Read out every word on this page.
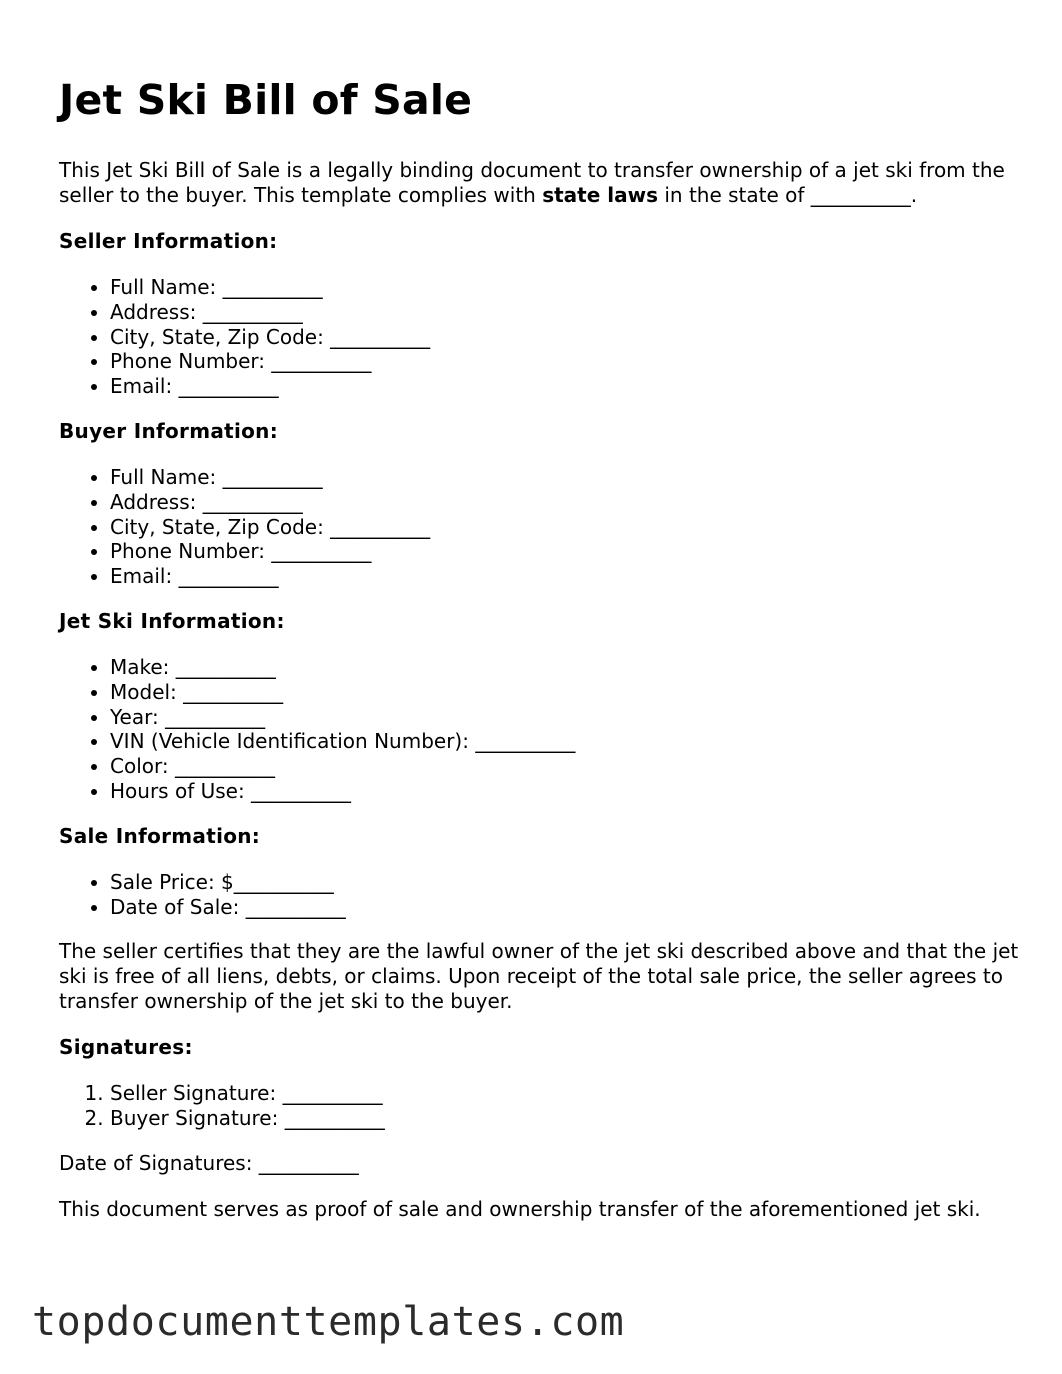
Jet Ski Bill of Sale

This Jet Ski Bill of Sale is a legally binding document to transfer ownership of a jet ski from the seller to the buyer. This template complies with state laws in the state of __________.

Seller Information:
• Full Name: __________
• Address: __________
• City, State, Zip Code: __________
• Phone Number: __________
• Email: __________
Buyer Information:
• Full Name: __________
• Address: __________
• City, State, Zip Code: __________
• Phone Number: __________
• Email: __________
Jet Ski Information:
• Make: __________
• Model: __________
• Year: __________
• VIN (Vehicle Identification Number): __________
• Color: __________
• Hours of Use: __________
Sale Information:
• Sale Price: $__________
• Date of Sale: __________

The seller certifies that they are the lawful owner of the jet ski described above and that the jet ski is free of all liens, debts, or claims. Upon receipt of the total sale price, the seller agrees to transfer ownership of the jet ski to the buyer.

Signatures:
1. Seller Signature: __________
2. Buyer Signature: __________

Date of Signatures: __________

This document serves as proof of sale and ownership transfer of the aforementioned jet ski.

topdocumenttemplates.com
